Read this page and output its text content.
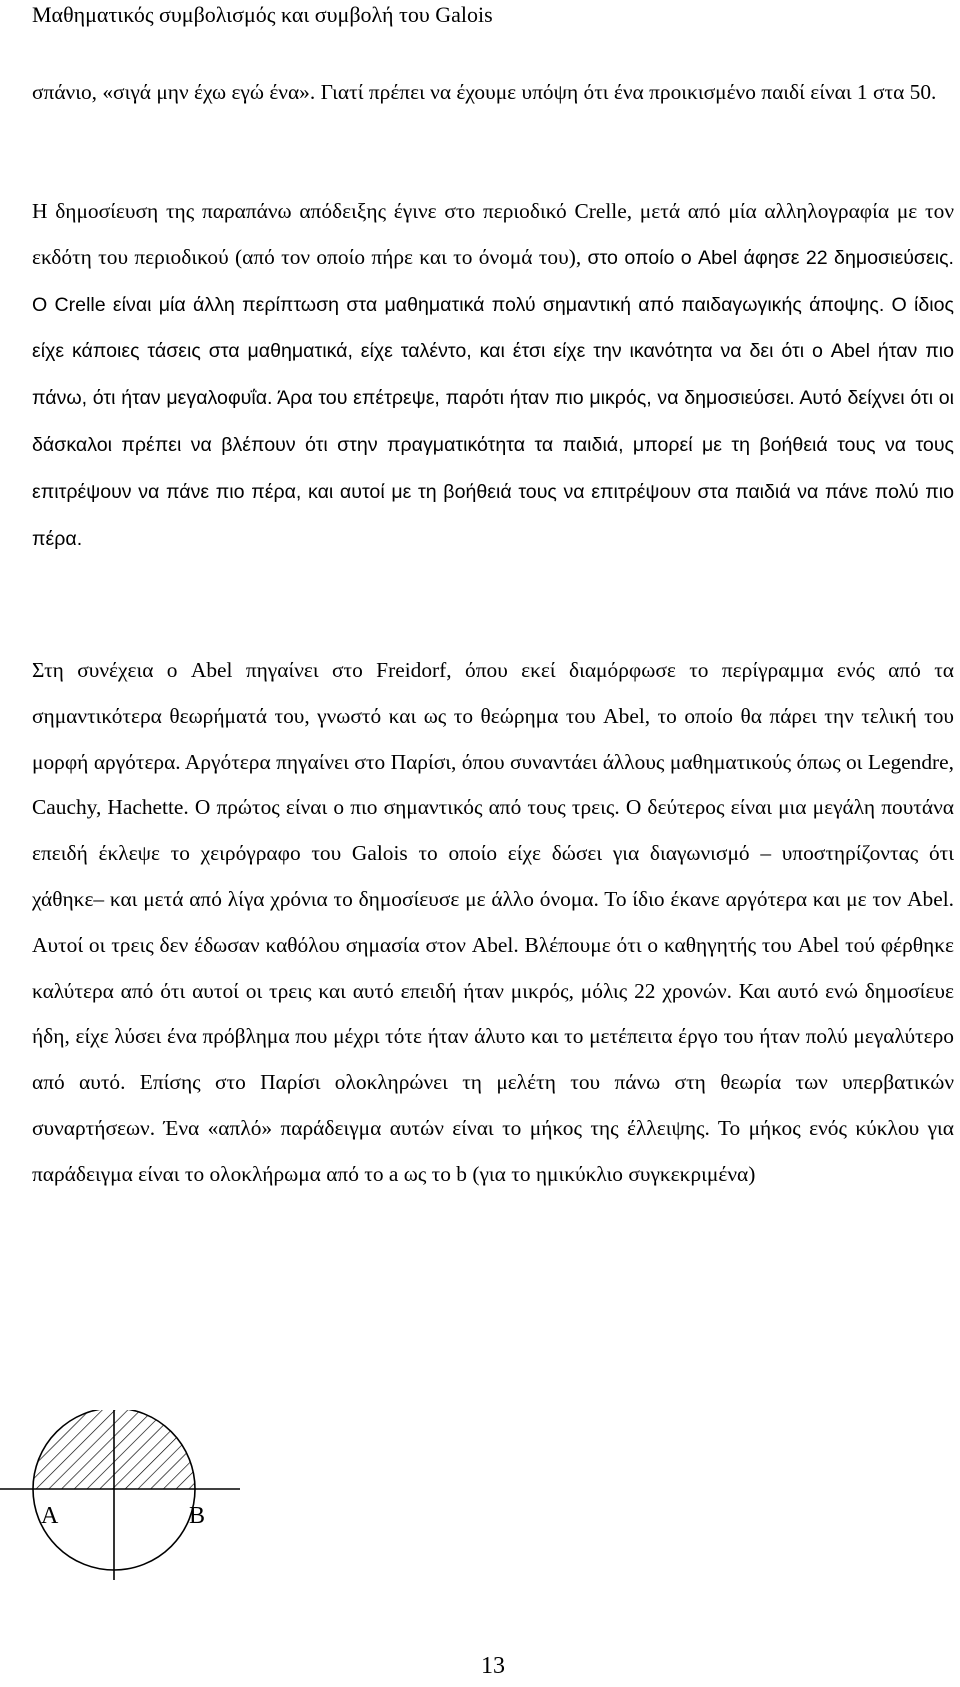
Μαθηματικός συμβολισμός και συμβολή του Galois

σπάνιο, «σιγά μην έχω εγώ ένα». Γιατί πρέπει να έχουμε υπόψη ότι ένα προικισμένο παιδί είναι 1 στα 50.

Η δημοσίευση της παραπάνω απόδειξης έγινε στο περιοδικό Crelle, μετά από μία αλληλογραφία με τον εκδότη του περιοδικού (από τον οποίο πήρε και το όνομά του), στο οποίο ο Abel άφησε 22 δημοσιεύσεις. Ο Crelle είναι μία άλλη περίπτωση στα μαθηματικά πολύ σημαντική από παιδαγωγικής άποψης. Ο ίδιος είχε κάποιες τάσεις στα μαθηματικά, είχε ταλέντο, και έτσι είχε την ικανότητα να δει ότι ο Abel ήταν πιο πάνω, ότι ήταν μεγαλοφυΐα. Άρα του επέτρεψε, παρότι ήταν πιο μικρός, να δημοσιεύσει. Αυτό δείχνει ότι οι δάσκαλοι πρέπει να βλέπουν ότι στην πραγματικότητα τα παιδιά, μπορεί με τη βοήθειά τους να τους επιτρέψουν να πάνε πιο πέρα, και αυτοί με τη βοήθειά τους να επιτρέψουν στα παιδιά να πάνε πολύ πιο πέρα.

Στη συνέχεια ο Abel πηγαίνει στο Freidorf, όπου εκεί διαμόρφωσε το περίγραμμα ενός από τα σημαντικότερα θεωρήματά του, γνωστό και ως το θεώρημα του Abel, το οποίο θα πάρει την τελική του μορφή αργότερα. Αργότερα πηγαίνει στο Παρίσι, όπου συναντάει άλλους μαθηματικούς όπως οι Legendre, Cauchy, Hachette. Ο πρώτος είναι ο πιο σημαντικός από τους τρεις. Ο δεύτερος είναι μια μεγάλη πουτάνα επειδή έκλεψε το χειρόγραφο του Galois το οποίο είχε δώσει για διαγωνισμό – υποστηρίζοντας ότι χάθηκε– και μετά από λίγα χρόνια το δημοσίευσε με άλλο όνομα. Το ίδιο έκανε αργότερα και με τον Abel. Αυτοί οι τρεις δεν έδωσαν καθόλου σημασία στον Abel. Βλέπουμε ότι ο καθηγητής του Abel τού φέρθηκε καλύτερα από ότι αυτοί οι τρεις και αυτό επειδή ήταν μικρός, μόλις 22 χρονών. Και αυτό ενώ δημοσίευε ήδη, είχε λύσει ένα πρόβλημα που μέχρι τότε ήταν άλυτο και το μετέπειτα έργο του ήταν πολύ μεγαλύτερο από αυτό. Επίσης στο Παρίσι ολοκληρώνει τη μελέτη του πάνω στη θεωρία των υπερβατικών συναρτήσεων. Ένα «απλό» παράδειγμα αυτών είναι το μήκος της έλλειψης. Το μήκος ενός κύκλου για παράδειγμα είναι το ολοκλήρωμα από το a ως το b (για το ημικύκλιο συγκεκριμένα)

A	B
13
